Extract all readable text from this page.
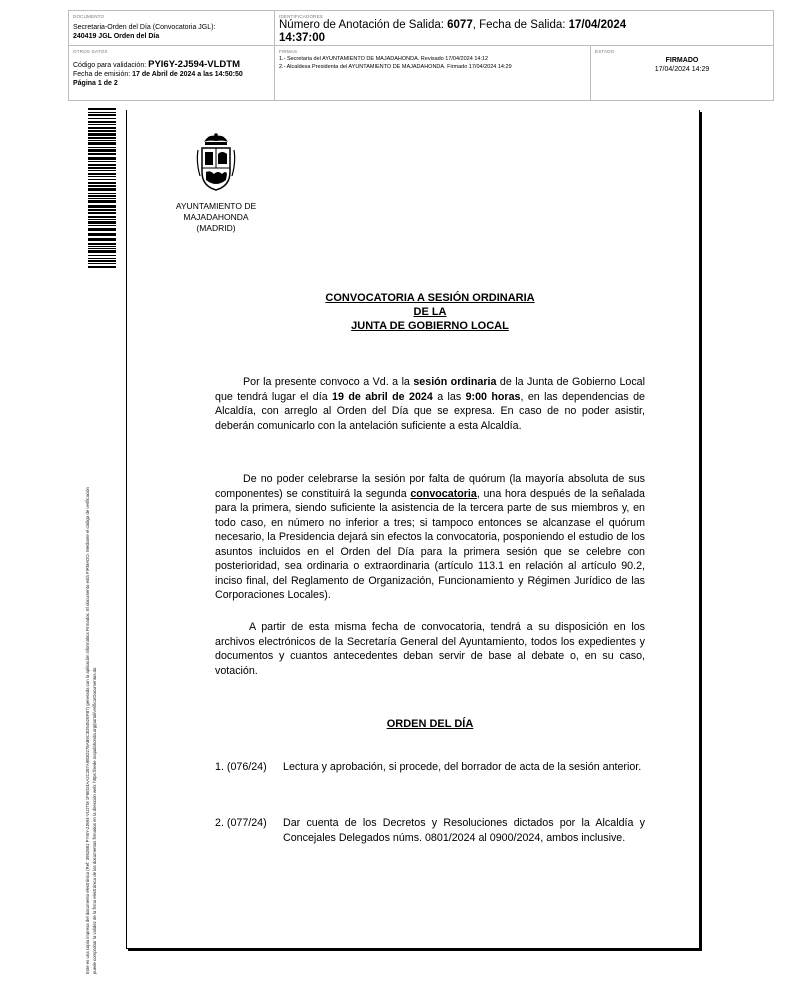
DOCUMENTO
Secretaria-Orden del Día (Convocatoria JGL):
240419 JGL Orden del Día
IDENTIFICADORES
Número de Anotación de Salida: 6077, Fecha de Salida: 17/04/2024
14:37:00
OTROS DATOS
Código para validación: PYI6Y-2J594-VLDTM
Fecha de emisión: 17 de Abril de 2024 a las 14:50:50
Página 1 de 2
FIRMAS
1.- Secretaria del AYUNTAMIENTO DE MAJADAHONDA. Revisado 17/04/2024 14:12
2.- Alcaldesa Presidenta del AYUNTAMIENTO DE MAJADAHONDA. Firmado 17/04/2024 14:29
ESTADO
FIRMADO
17/04/2024 14:29
Este es una copia impresa del documento electrónico (Ref: 3952881 PYI6Y-2J594-VLDTM 1F6ED4AA2C287A9B3D278AB9C3D5452EFB7) generada con la aplicación informática Firmadoc. El documento está FIRMADO. Mediante el código de verificación puede comprobar la validez de la firma electrónica de los documentos firmados en la dirección web: https://sede.majadahonda.org/portal/verificarDocumentos.do
AYUNTAMIENTO DE
MAJADAHONDA
(MADRID)
CONVOCATORIA A SESIÓN ORDINARIA
DE LA
JUNTA DE GOBIERNO LOCAL
Por la presente convoco a Vd. a la sesión ordinaria de la Junta de Gobierno Local que tendrá lugar el día 19 de abril de 2024 a las 9:00 horas, en las dependencias de Alcaldía, con arreglo al Orden del Día que se expresa. En caso de no poder asistir, deberán comunicarlo con la antelación suficiente a esta Alcaldía.
De no poder celebrarse la sesión por falta de quórum (la mayoría absoluta de sus componentes) se constituirá la segunda convocatoria, una hora después de la señalada para la primera, siendo suficiente la asistencia de la tercera parte de sus miembros y, en todo caso, en número no inferior a tres; si tampoco entonces se alcanzase el quórum necesario, la Presidencia dejará sin efectos la convocatoria, posponiendo el estudio de los asuntos incluidos en el Orden del Día para la primera sesión que se celebre con posterioridad, sea ordinaria o extraordinaria (artículo 113.1 en relación al artículo 90.2, inciso final, del Reglamento de Organización, Funcionamiento y Régimen Jurídico de las Corporaciones Locales).
A partir de esta misma fecha de convocatoria, tendrá a su disposición en los archivos electrónicos de la Secretaría General del Ayuntamiento, todos los expedientes y documentos y cuantos antecedentes deban servir de base al debate o, en su caso, votación.
ORDEN DEL DÍA
1. (076/24)	Lectura y aprobación, si procede, del borrador de acta de la sesión anterior.
2. (077/24)	Dar cuenta de los Decretos y Resoluciones dictados por la Alcaldía y Concejales Delegados núms. 0801/2024 al 0900/2024, ambos inclusive.
